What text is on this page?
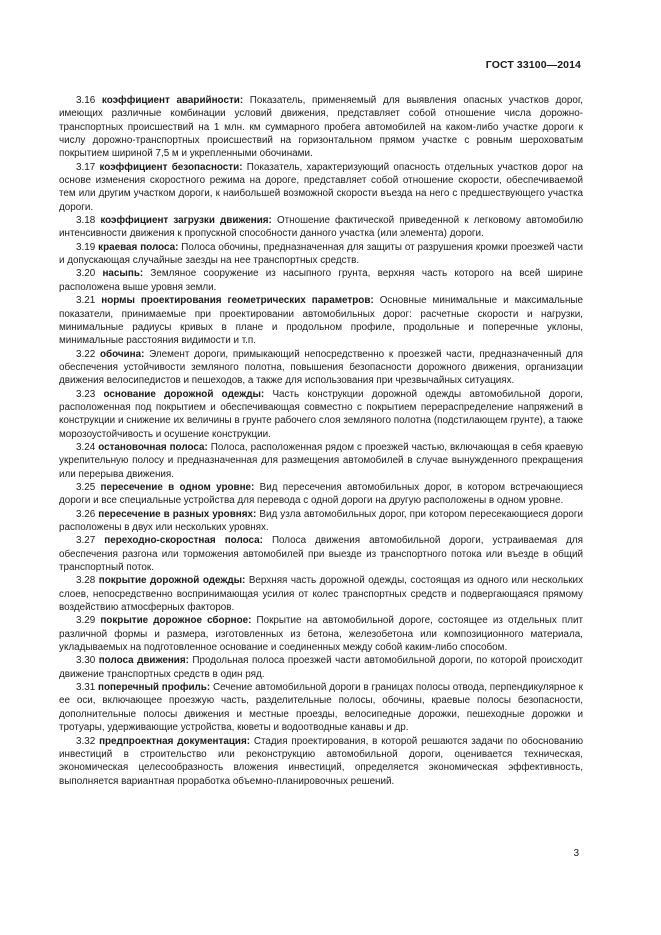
ГОСТ 33100—2014

3.16 коэффициент аварийности: Показатель, применяемый для выявления опасных участков дорог, имеющих различные комбинации условий движения, представляет собой отношение числа дорожно-транспортных происшествий на 1 млн. км суммарного пробега автомобилей на каком-либо участке дороги к числу дорожно-транспортных происшествий на горизонтальном прямом участке с ровным шероховатым покрытием шириной 7,5 м и укрепленными обочинами.

3.17 коэффициент безопасности: Показатель, характеризующий опасность отдельных участков дорог на основе изменения скоростного режима на дороге, представляет собой отношение скорости, обеспечиваемой тем или другим участком дороги, к наибольшей возможной скорости въезда на него с предшествующего участка дороги.

3.18 коэффициент загрузки движения: Отношение фактической приведенной к легковому автомобилю интенсивности движения к пропускной способности данного участка (или элемента) дороги.

3.19 краевая полоса: Полоса обочины, предназначенная для защиты от разрушения кромки проезжей части и допускающая случайные заезды на нее транспортных средств.

3.20 насыпь: Земляное сооружение из насыпного грунта, верхняя часть которого на всей ширине расположена выше уровня земли.

3.21 нормы проектирования геометрических параметров: Основные минимальные и максимальные показатели, принимаемые при проектировании автомобильных дорог: расчетные скорости и нагрузки, минимальные радиусы кривых в плане и продольном профиле, продольные и поперечные уклоны, минимальные расстояния видимости и т.п.

3.22 обочина: Элемент дороги, примыкающий непосредственно к проезжей части, предназначенный для обеспечения устойчивости земляного полотна, повышения безопасности дорожного движения, организации движения велосипедистов и пешеходов, а также для использования при чрезвычайных ситуациях.

3.23 основание дорожной одежды: Часть конструкции дорожной одежды автомобильной дороги, расположенная под покрытием и обеспечивающая совместно с покрытием перераспределение напряжений в конструкции и снижение их величины в грунте рабочего слоя земляного полотна (подстилающем грунте), а также морозоустойчивость и осушение конструкции.

3.24 остановочная полоса: Полоса, расположенная рядом с проезжей частью, включающая в себя краевую укрепительную полосу и предназначенная для размещения автомобилей в случае вынужденного прекращения или перерыва движения.

3.25 пересечение в одном уровне: Вид пересечения автомобильных дорог, в котором встречающиеся дороги и все специальные устройства для перевода с одной дороги на другую расположены в одном уровне.

3.26 пересечение в разных уровнях: Вид узла автомобильных дорог, при котором пересекающиеся дороги расположены в двух или нескольких уровнях.

3.27 переходно-скоростная полоса: Полоса движения автомобильной дороги, устраиваемая для обеспечения разгона или торможения автомобилей при выезде из транспортного потока или въезде в общий транспортный поток.

3.28 покрытие дорожной одежды: Верхняя часть дорожной одежды, состоящая из одного или нескольких слоев, непосредственно воспринимающая усилия от колес транспортных средств и подвергающаяся прямому воздействию атмосферных факторов.

3.29 покрытие дорожное сборное: Покрытие на автомобильной дороге, состоящее из отдельных плит различной формы и размера, изготовленных из бетона, железобетона или композиционного материала, укладываемых на подготовленное основание и соединенных между собой каким-либо способом.

3.30 полоса движения: Продольная полоса проезжей части автомобильной дороги, по которой происходит движение транспортных средств в один ряд.

3.31 поперечный профиль: Сечение автомобильной дороги в границах полосы отвода, перпендикулярное к ее оси, включающее проезжую часть, разделительные полосы, обочины, краевые полосы безопасности, дополнительные полосы движения и местные проезды, велосипедные дорожки, пешеходные дорожки и тротуары, удерживающие устройства, кюветы и водоотводные канавы и др.

3.32 предпроектная документация: Стадия проектирования, в которой решаются задачи по обоснованию инвестиций в строительство или реконструкцию автомобильной дороги, оценивается техническая, экономическая целесообразность вложения инвестиций, определяется экономическая эффективность, выполняется вариантная проработка объемно-планировочных решений.

3
